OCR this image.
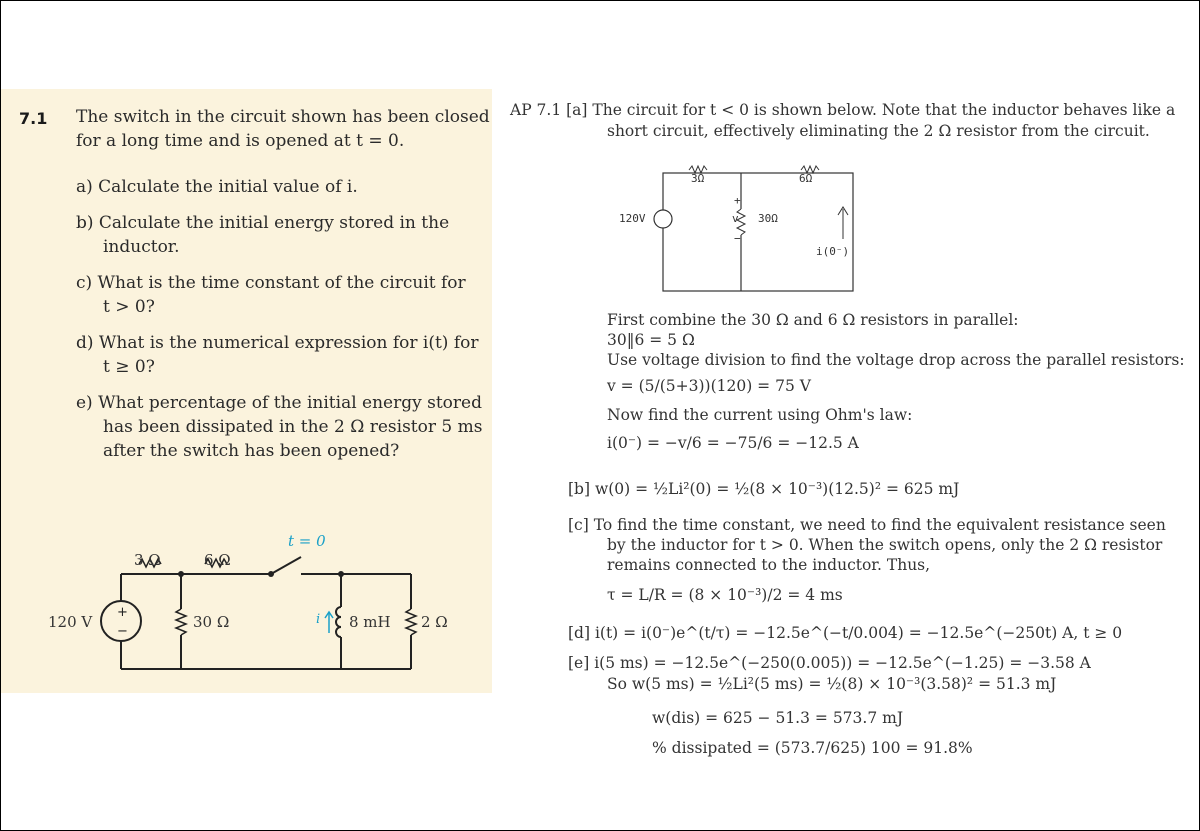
7.1 The switch in the circuit shown has been closed
for a long time and is opened at t = 0.
a) Calculate the initial value of i.
b) Calculate the initial energy stored in the
inductor.
c) What is the time constant of the circuit for
t > 0?
d) What is the numerical expression for i(t) for
t ≥ 0?
e) What percentage of the initial energy stored
has been dissipated in the 2 Ω resistor 5 ms
after the switch has been opened?
+
−
3 Ω	6 Ω
120 V	30 Ω	8 mH 2 Ω
t = 0
i
AP 7.1 [a] The circuit for t < 0 is shown below. Note that the inductor behaves like a
short circuit, effectively eliminating the 2 Ω resistor from the circuit.
120V
3Ω	6Ω
30Ω
v
+
−
i(0⁻)
First combine the 30 Ω and 6 Ω resistors in parallel:
30‖6 = 5 Ω
Use voltage division to find the voltage drop across the parallel resistors:
v = (5/(5+3))(120) = 75 V
Now find the current using Ohm's law:
i(0⁻) = −v/6 = −75/6 = −12.5 A
[b] w(0) = ½Li²(0) = ½(8 × 10⁻³)(12.5)² = 625 mJ
[c] To find the time constant, we need to find the equivalent resistance seen
by the inductor for t > 0. When the switch opens, only the 2 Ω resistor
remains connected to the inductor. Thus,
τ = L/R = (8 × 10⁻³)/2 = 4 ms
[d] i(t) = i(0⁻)e^(t/τ) = −12.5e^(−t/0.004) = −12.5e^(−250t) A, t ≥ 0
[e] i(5 ms) = −12.5e^(−250(0.005)) = −12.5e^(−1.25) = −3.58 A
So w(5 ms) = ½Li²(5 ms) = ½(8) × 10⁻³(3.58)² = 51.3 mJ
w(dis) = 625 − 51.3 = 573.7 mJ
% dissipated = (573.7/625) 100 = 91.8%
